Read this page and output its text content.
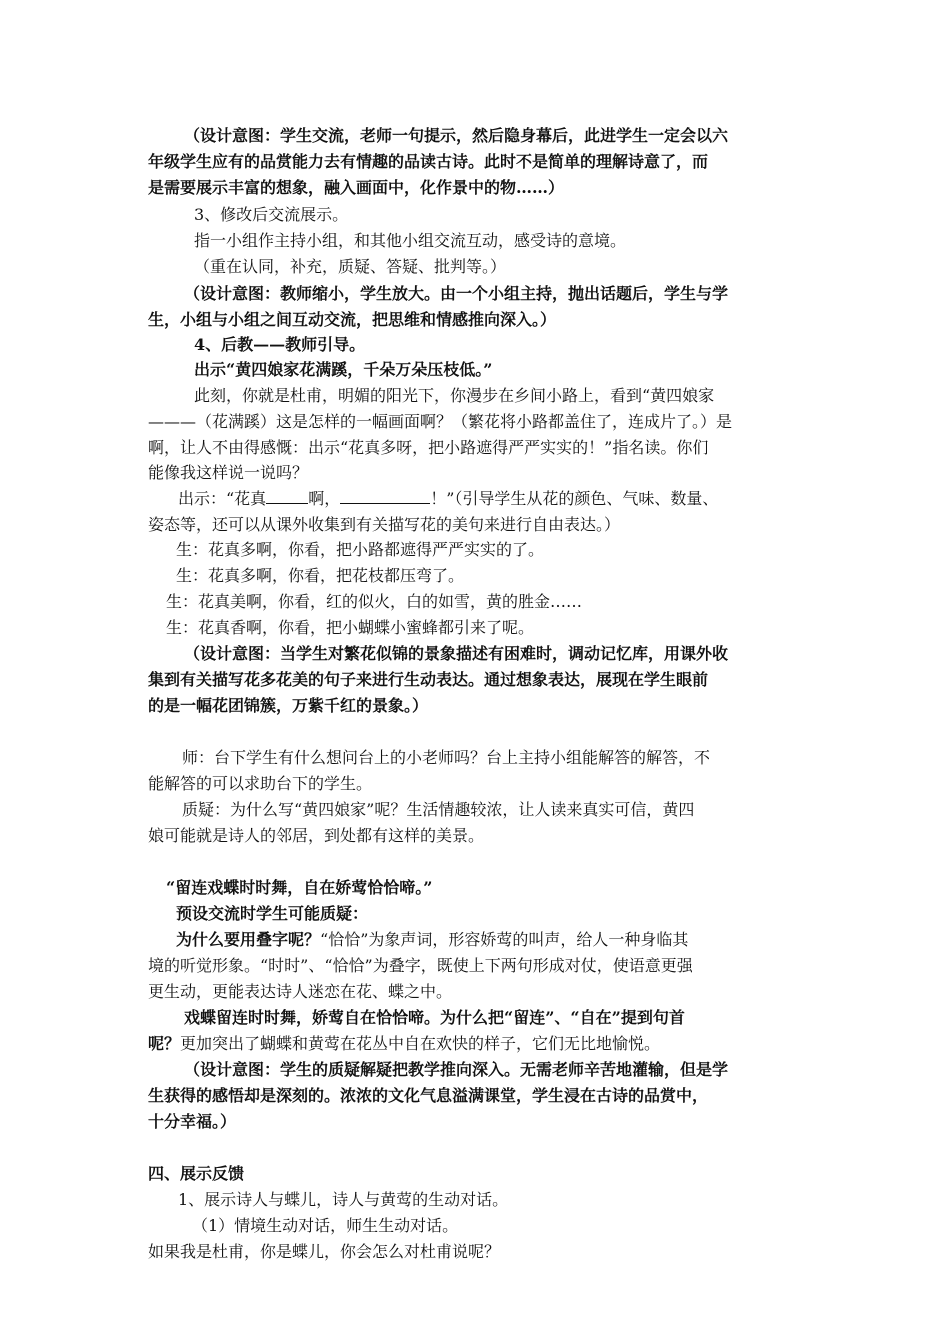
（设计意图：学生交流，老师一句提示，然后隐身幕后，此进学生一定会以六
年级学生应有的品赏能力去有情趣的品读古诗。此时不是简单的理解诗意了，而
是需要展示丰富的想象，融入画面中，化作景中的物……）
3、修改后交流展示。
指一小组作主持小组，和其他小组交流互动，感受诗的意境。
（重在认同，补充，质疑、答疑、批判等。）
（设计意图：教师缩小，学生放大。由一个小组主持，抛出话题后，学生与学
生，小组与小组之间互动交流，把思维和情感推向深入。）
4、后教——教师引导。
出示“黄四娘家花满蹊，千朵万朵压枝低。”
此刻，你就是杜甫，明媚的阳光下，你漫步在乡间小路上，看到“黄四娘家
———（花满蹊）这是怎样的一幅画面啊？（繁花将小路都盖住了，连成片了。）是
啊，让人不由得感慨：出示“花真多呀，把小路遮得严严实实的！”指名读。你们
能像我这样说一说吗？
出示：“花真	啊，	！”（引导学生从花的颜色、气味、数量、
姿态等，还可以从课外收集到有关描写花的美句来进行自由表达。）
生：花真多啊，你看，把小路都遮得严严实实的了。
生：花真多啊，你看，把花枝都压弯了。
生：花真美啊，你看，红的似火，白的如雪，黄的胜金……
生：花真香啊，你看，把小蝴蝶小蜜蜂都引来了呢。
（设计意图：当学生对繁花似锦的景象描述有困难时，调动记忆库，用课外收
集到有关描写花多花美的句子来进行生动表达。通过想象表达，展现在学生眼前
的是一幅花团锦簇，万紫千红的景象。）
师：台下学生有什么想问台上的小老师吗？台上主持小组能解答的解答，不
能解答的可以求助台下的学生。
质疑：为什么写“黄四娘家”呢？生活情趣较浓，让人读来真实可信，黄四
娘可能就是诗人的邻居，到处都有这样的美景。
“留连戏蝶时时舞，自在娇莺恰恰啼。”
预设交流时学生可能质疑：
为什么要用叠字呢？“恰恰”为象声词，形容娇莺的叫声，给人一种身临其
境的听觉形象。“时时”、“恰恰”为叠字，既使上下两句形成对仗，使语意更强
更生动，更能表达诗人迷恋在花、蝶之中。
戏蝶留连时时舞，娇莺自在恰恰啼。为什么把“留连”、“自在”提到句首
呢？更加突出了蝴蝶和黄莺在花丛中自在欢快的样子，它们无比地愉悦。
（设计意图：学生的质疑解疑把教学推向深入。无需老师辛苦地灌输，但是学
生获得的感悟却是深刻的。浓浓的文化气息溢满课堂，学生浸在古诗的品赏中，
十分幸福。）
四、展示反馈
1、展示诗人与蝶儿，诗人与黄莺的生动对话。
（1）情境生动对话，师生生动对话。
如果我是杜甫，你是蝶儿，你会怎么对杜甫说呢？
